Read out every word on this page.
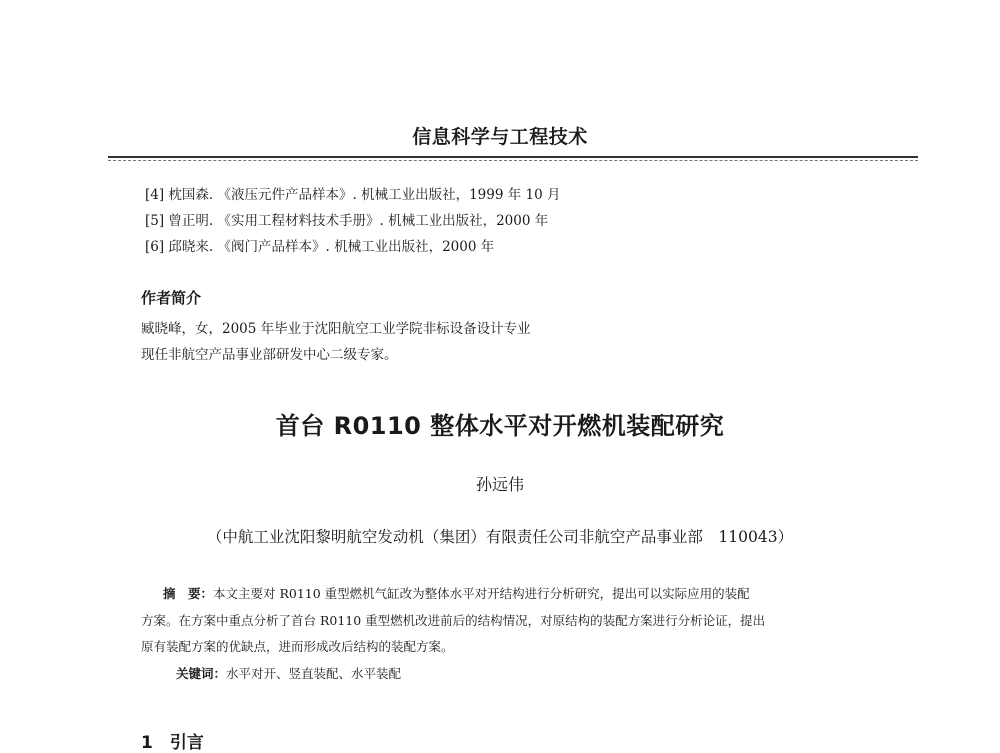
信息科学与工程技术
[4] 枕国森. 《液压元件产品样本》. 机械工业出版社，1999 年 10 月
[5] 曾正明. 《实用工程材料技术手册》. 机械工业出版社，2000 年
[6] 邱晓来. 《阀门产品样本》. 机械工业出版社，2000 年
作者简介
臧晓峰，女，2005 年毕业于沈阳航空工业学院非标设备设计专业
现任非航空产品事业部研发中心二级专家。
首台 R0110 整体水平对开燃机装配研究
孙远伟
（中航工业沈阳黎明航空发动机（集团）有限责任公司非航空产品事业部　110043）
摘　要：本文主要对 R0110 重型燃机气缸改为整体水平对开结构进行分析研究，提出可以实际应用的装配
方案。在方案中重点分析了首台 R0110 重型燃机改进前后的结构情况，对原结构的装配方案进行分析论证，提出
原有装配方案的优缺点，进而形成改后结构的装配方案。
关键词：水平对开、竖直装配、水平装配
1　引言
